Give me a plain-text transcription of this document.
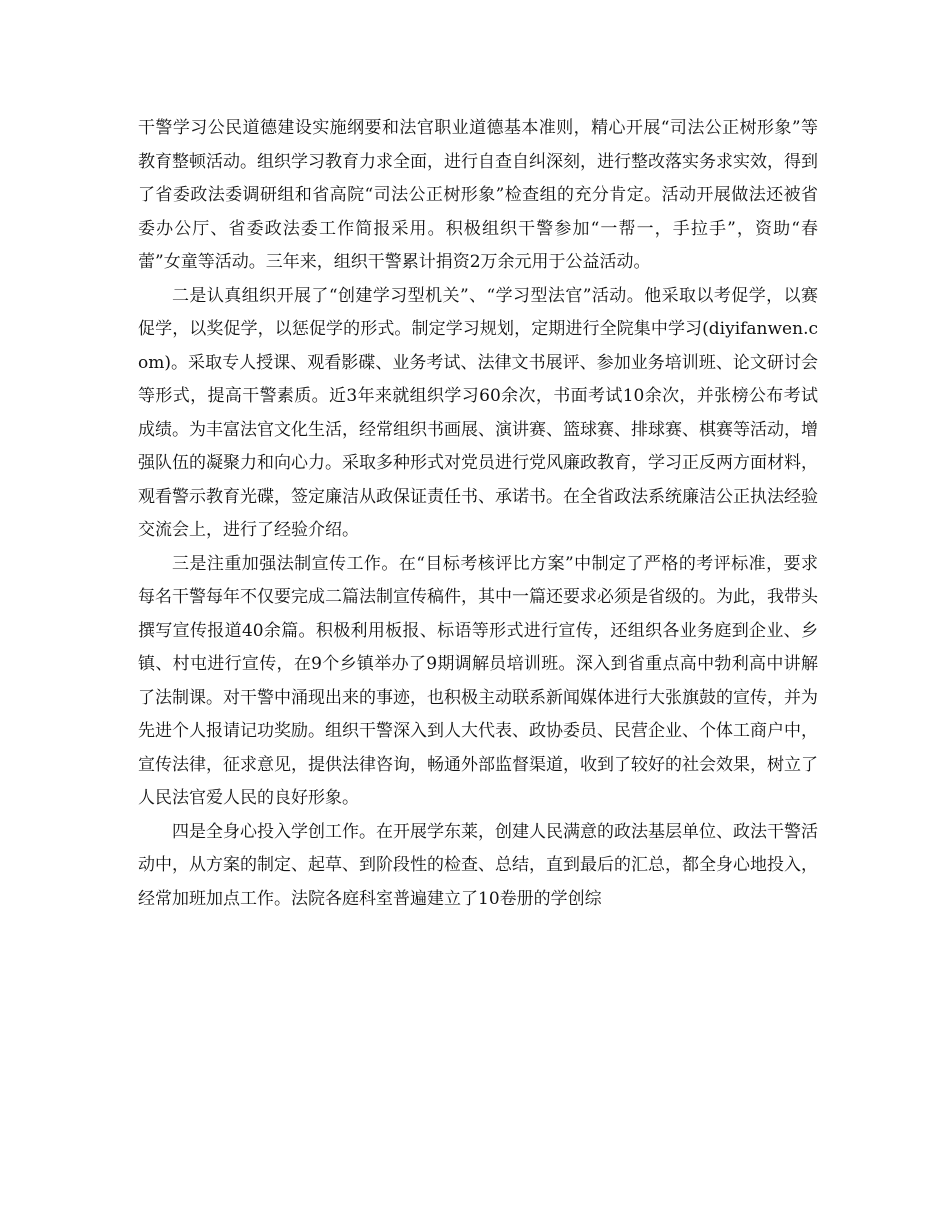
干警学习公民道德建设实施纲要和法官职业道德基本准则，精心开展“司法公正树形象”等教育整顿活动。组织学习教育力求全面，进行自查自纠深刻，进行整改落实务求实效，得到了省委政法委调研组和省高院“司法公正树形象”检查组的充分肯定。活动开展做法还被省委办公厅、省委政法委工作简报采用。积极组织干警参加“一帮一，手拉手”，资助“春蕾”女童等活动。三年来，组织干警累计捐资2万余元用于公益活动。

二是认真组织开展了“创建学习型机关”、“学习型法官”活动。他采取以考促学，以赛促学，以奖促学，以惩促学的形式。制定学习规划，定期进行全院集中学习(diyifanwen.com)。采取专人授课、观看影碟、业务考试、法律文书展评、参加业务培训班、论文研讨会等形式，提高干警素质。近3年来就组织学习60余次，书面考试10余次，并张榜公布考试成绩。为丰富法官文化生活，经常组织书画展、演讲赛、篮球赛、排球赛、棋赛等活动，增强队伍的凝聚力和向心力。采取多种形式对党员进行党风廉政教育，学习正反两方面材料，观看警示教育光碟，签定廉洁从政保证责任书、承诺书。在全省政法系统廉洁公正执法经验交流会上，进行了经验介绍。

三是注重加强法制宣传工作。在“目标考核评比方案”中制定了严格的考评标准，要求每名干警每年不仅要完成二篇法制宣传稿件，其中一篇还要求必须是省级的。为此，我带头撰写宣传报道40余篇。积极利用板报、标语等形式进行宣传，还组织各业务庭到企业、乡镇、村屯进行宣传，在9个乡镇举办了9期调解员培训班。深入到省重点高中勃利高中讲解了法制课。对干警中涌现出来的事迹，也积极主动联系新闻媒体进行大张旗鼓的宣传，并为先进个人报请记功奖励。组织干警深入到人大代表、政协委员、民营企业、个体工商户中，宣传法律，征求意见，提供法律咨询，畅通外部监督渠道，收到了较好的社会效果，树立了人民法官爱人民的良好形象。

四是全身心投入学创工作。在开展学东莱，创建人民满意的政法基层单位、政法干警活动中，从方案的制定、起草、到阶段性的检查、总结，直到最后的汇总，都全身心地投入，经常加班加点工作。法院各庭科室普遍建立了10卷册的学创综
